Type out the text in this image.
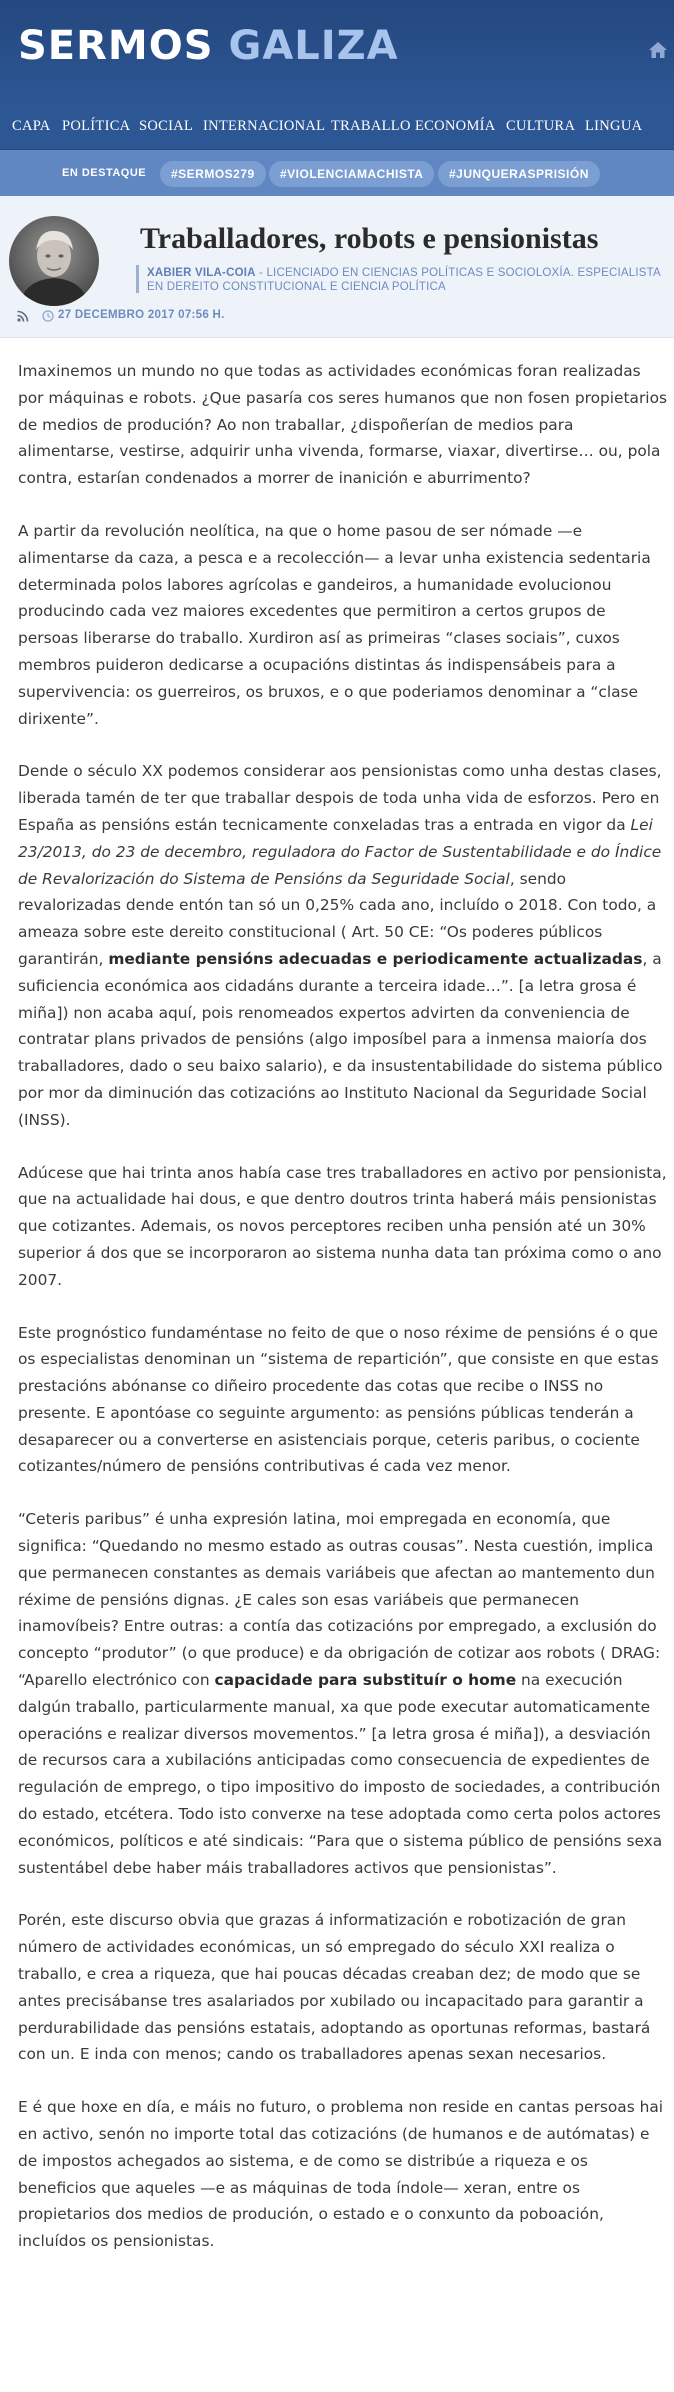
SERMOS GALIZA
CAPA POLÍTICA SOCIAL INTERNACIONAL TRABALLO ECONOMÍA CULTURA LINGUA
EN DESTAQUE	#SERMOS279	#VIOLENCIAMACHISTA	#JUNQUERASPRISIÓN
Traballadores, robots e pensionistas
XABIER VILA-COIA - LICENCIADO EN CIENCIAS POLÍTICAS E SOCIOLOXÍA. ESPECIALISTA EN DEREITO CONSTITUCIONAL E CIENCIA POLÍTICA
27 DECEMBRO 2017 07:56 H.

Imaxinemos un mundo no que todas as actividades económicas foran realizadas por máquinas e robots. ¿Que pasaría cos seres humanos que non fosen propietarios de medios de produción? Ao non traballar, ¿dispoñerían de medios para alimentarse, vestirse, adquirir unha vivenda, formarse, viaxar, divertirse… ou, pola contra, estarían condenados a morrer de inanición e aburrimento?

A partir da revolución neolítica, na que o home pasou de ser nómade —e alimentarse da caza, a pesca e a recolección— a levar unha existencia sedentaria determinada polos labores agrícolas e gandeiros, a humanidade evolucionou producindo cada vez maiores excedentes que permitiron a certos grupos de persoas liberarse do traballo. Xurdiron así as primeiras “clases sociais”, cuxos membros puideron dedicarse a ocupacións distintas ás indispensábeis para a supervivencia: os guerreiros, os bruxos, e o que poderiamos denominar a “clase dirixente”.

Dende o século XX podemos considerar aos pensionistas como unha destas clases, liberada tamén de ter que traballar despois de toda unha vida de esforzos. Pero en España as pensións están tecnicamente conxeladas tras a entrada en vigor da Lei 23/2013, do 23 de decembro, reguladora do Factor de Sustentabilidade e do Índice de Revalorización do Sistema de Pensións da Seguridade Social, sendo revalorizadas dende entón tan só un 0,25% cada ano, incluído o 2018. Con todo, a ameaza sobre este dereito constitucional ( Art. 50 CE: “Os poderes públicos garantirán, mediante pensións adecuadas e periodicamente actualizadas, a suficiencia económica aos cidadáns durante a terceira idade…”. [a letra grosa é miña]) non acaba aquí, pois renomeados expertos advirten da conveniencia de contratar plans privados de pensións (algo imposíbel para a inmensa maioría dos traballadores, dado o seu baixo salario), e da insustentabilidade do sistema público por mor da diminución das cotizacións ao Instituto Nacional da Seguridade Social (INSS).

Adúcese que hai trinta anos había case tres traballadores en activo por pensionista, que na actualidade hai dous, e que dentro doutros trinta haberá máis pensionistas que cotizantes. Ademais, os novos perceptores reciben unha pensión até un 30% superior á dos que se incorporaron ao sistema nunha data tan próxima como o ano 2007.

Este prognóstico fundaméntase no feito de que o noso réxime de pensións é o que os especialistas denominan un “sistema de repartición”, que consiste en que estas prestacións abónanse co diñeiro procedente das cotas que recibe o INSS no presente. E apontóase co seguinte argumento: as pensións públicas tenderán a desaparecer ou a converterse en asistenciais porque, ceteris paribus, o cociente cotizantes/número de pensións contributivas é cada vez menor.

“Ceteris paribus” é unha expresión latina, moi empregada en economía, que significa: “Quedando no mesmo estado as outras cousas”. Nesta cuestión, implica que permanecen constantes as demais variábeis que afectan ao mantemento dun réxime de pensións dignas. ¿E cales son esas variábeis que permanecen inamovíbeis? Entre outras: a contía das cotizacións por empregado, a exclusión do concepto “produtor” (o que produce) e da obrigación de cotizar aos robots ( DRAG: “Aparello electrónico con capacidade para substituír o home na execución dalgún traballo, particularmente manual, xa que pode executar automaticamente operacións e realizar diversos movementos.” [a letra grosa é miña]), a desviación de recursos cara a xubilacións anticipadas como consecuencia de expedientes de regulación de emprego, o tipo impositivo do imposto de sociedades, a contribución do estado, etcétera. Todo isto converxe na tese adoptada como certa polos actores económicos, políticos e até sindicais: “Para que o sistema público de pensións sexa sustentábel debe haber máis traballadores activos que pensionistas”.

Porén, este discurso obvia que grazas á informatización e robotización de gran número de actividades económicas, un só empregado do século XXI realiza o traballo, e crea a riqueza, que hai poucas décadas creaban dez; de modo que se antes precisábanse tres asalariados por xubilado ou incapacitado para garantir a perdurabilidade das pensións estatais, adoptando as oportunas reformas, bastará con un. E inda con menos; cando os traballadores apenas sexan necesarios.

E é que hoxe en día, e máis no futuro, o problema non reside en cantas persoas hai en activo, senón no importe total das cotizacións (de humanos e de autómatas) e de impostos achegados ao sistema, e de como se distribúe a riqueza e os beneficios que aqueles —e as máquinas de toda índole— xeran, entre os propietarios dos medios de produción, o estado e o conxunto da poboación, incluídos os pensionistas.
